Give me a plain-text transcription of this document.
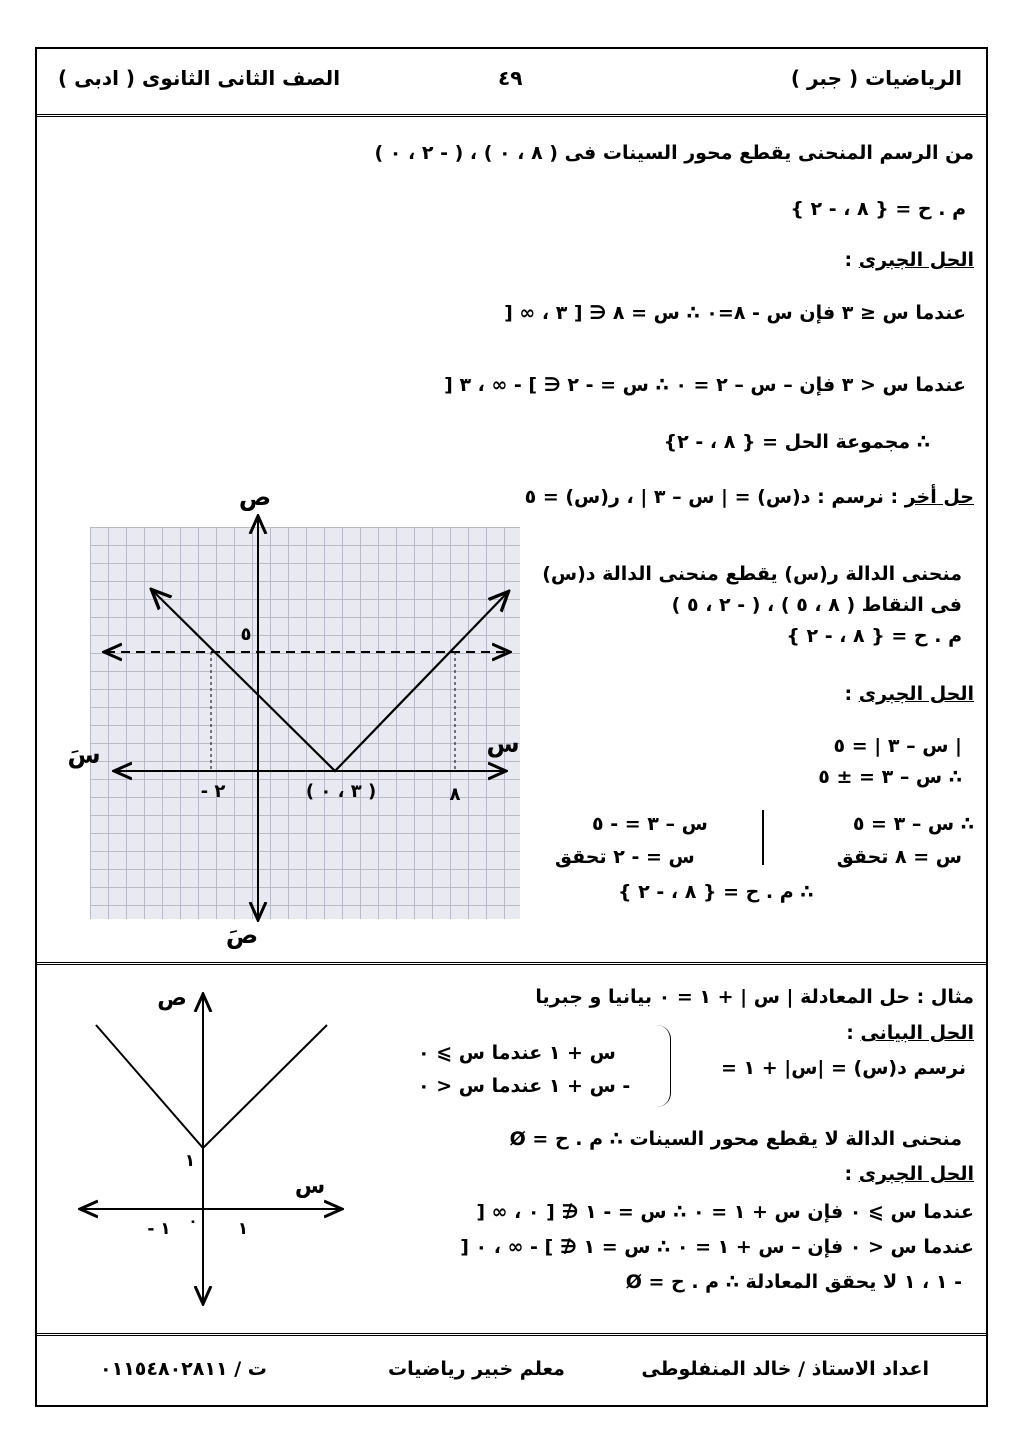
الرياضيات ( جبر )
٤٩
الصف الثانى الثانوى ( ادبى )
من الرسم المنحنى يقطع محور السينات فى ( ٨ ، ٠ ) ، ( - ٢ ، ٠ )
م . ح = { ٨ ، - ٢ }
الحل الجبرى :
عندما س ≤ ٣ فإن س - ٨=٠ ∴ س = ٨ ∈ [ ٣ ، ∞ [
عندما س < ٣ فإن – س – ٢ = ٠ ∴ س = - ٢ ∈ ] - ∞ ، ٣ [
∴ مجموعة الحل = { ٨ ، - ٢}
حل أخر : نرسم : د(س) = | س – ٣ | ، ر(س) = ٥
ص
صَ
س
سَ
٥
٢ -	( ٣ ، ٠ )	٨
منحنى الدالة ر(س) يقطع منحنى الدالة د(س)
فى النقاط ( ٨ ، ٥ ) ، ( - ٢ ، ٥ )
م . ح = { ٨ ، - ٢ }
الحل الجبرى :
| س – ٣ | = ٥
∴ س – ٣ = ± ٥
∴ س – ٣ = ٥
س – ٣ = - ٥
س = ٨ تحقق
س = - ٢ تحقق
∴ م . ح = { ٨ ، - ٢ }
مثال : حل المعادلة | س | + ١ = ٠ بيانيا و جبريا
الحل البيانى :
نرسم د(س) = |س| + ١ =
س + ١ عندما س ⩾ ٠
- س + ١ عندما س < ٠
منحنى الدالة لا يقطع محور السينات ∴ م . ح = Ø
الحل الجبرى :
عندما س ⩾ ٠ فإن س + ١ = ٠ ∴ س = - ١ ∉ [ ٠ ، ∞ [
عندما س < ٠ فإن – س + ١ = ٠ ∴ س = ١ ∉ ] - ∞ ، ٠ [
- ١ ، ١ لا يحقق المعادلة ∴ م . ح = Ø
ص
س
١
١ - ٠ ١
اعداد الاستاذ / خالد المنفلوطى
معلم خبير رياضيات
ت / ٠١١٥٤٨٠٢٨١١
